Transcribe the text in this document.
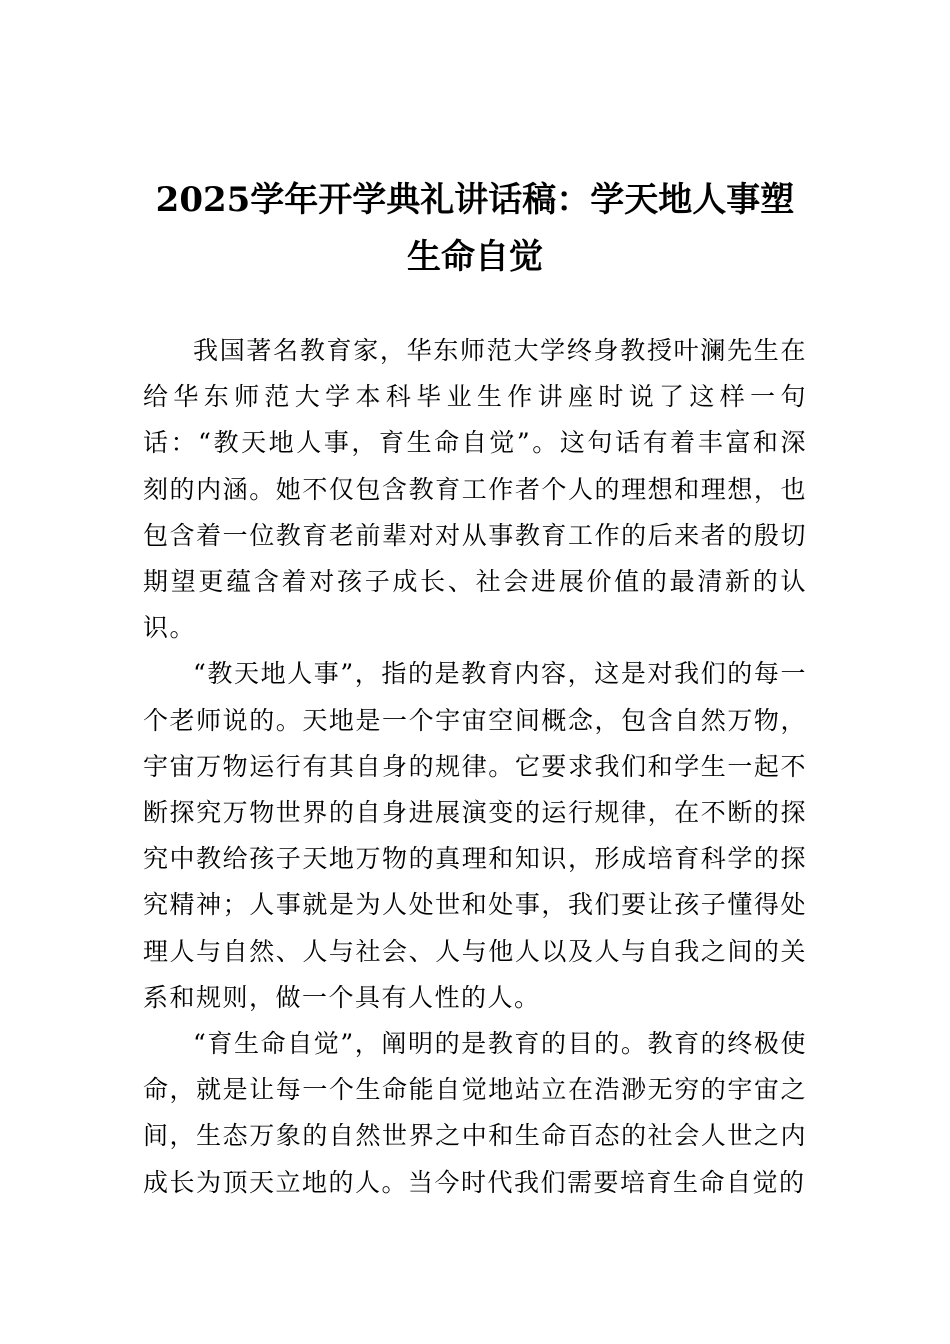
2025学年开学典礼讲话稿：学天地人事塑
生命自觉

我国著名教育家，华东师范大学终身教授叶澜先生在给华东师范大学本科毕业生作讲座时说了这样一句话：“教天地人事，育生命自觉”。这句话有着丰富和深刻的内涵。她不仅包含教育工作者个人的理想和理想，也包含着一位教育老前辈对对从事教育工作的后来者的殷切期望更蕴含着对孩子成长、社会进展价值的最清新的认识。

“教天地人事”，指的是教育内容，这是对我们的每一个老师说的。天地是一个宇宙空间概念，包含自然万物，宇宙万物运行有其自身的规律。它要求我们和学生一起不断探究万物世界的自身进展演变的运行规律，在不断的探究中教给孩子天地万物的真理和知识，形成培育科学的探究精神；人事就是为人处世和处事，我们要让孩子懂得处理人与自然、人与社会、人与他人以及人与自我之间的关系和规则，做一个具有人性的人。

“育生命自觉”，阐明的是教育的目的。教育的终极使命，就是让每一个生命能自觉地站立在浩渺无穷的宇宙之间，生态万象的自然世界之中和生命百态的社会人世之内成长为顶天立地的人。当今时代我们需要培育生命自觉的
